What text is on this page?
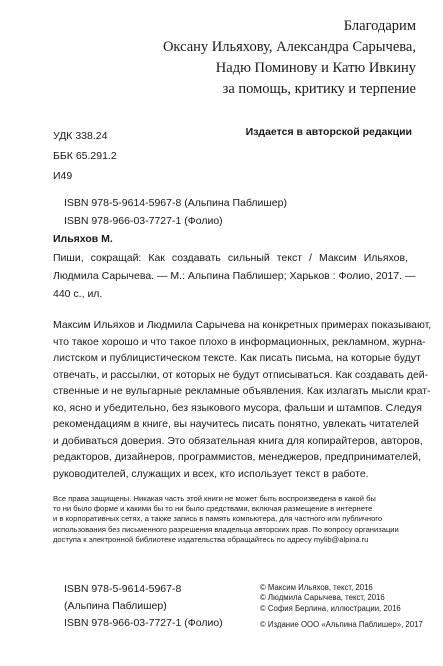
Благодарим
Оксану Ильяхову, Александра Сарычева,
Надю Поминову и Катю Ивкину
за помощь, критику и терпение
УДК 338.24
ББК 65.291.2
И49
Издается в авторской редакции
ISBN 978-5-9614-5967-8 (Альпина Паблишер)
ISBN 978-966-03-7727-1 (Фолио)
Ильяхов М.
Пиши, сокращай: Как создавать сильный текст / Максим Ильяхов,
Людмила Сарычева. — М.: Альпина Паблишер; Харьков : Фолио, 2017. —
440 с., ил.
Максим Ильяхов и Людмила Сарычева на конкретных примерах показывают,
что такое хорошо и что такое плохо в информационных, рекламном, журна-
листском и публицистическом тексте. Как писать письма, на которые будут
отвечать, и рассылки, от которых не будут отписываться. Как создавать дей-
ственные и не вульгарные рекламные объявления. Как излагать мысли крат-
ко, ясно и убедительно, без языкового мусора, фальши и штампов. Следуя
рекомендациям в книге, вы научитесь писать понятно, увлекать читателей
и добиваться доверия. Это обязательная книга для копирайтеров, авторов,
редакторов, дизайнеров, программистов, менеджеров, предпринимателей,
руководителей, служащих и всех, кто использует текст в работе.
Все права защищены. Никакая часть этой книги не может быть воспроизведена в какой бы
то ни было форме и какими бы то ни было средствами, включая размещение в интернете
и в корпоративных сетях, а также запись в память компьютера, для частного или публичного
использования без письменного разрешения владельца авторских прав. По вопросу организации
доступа к электронной библиотеке издательства обращайтесь по адресу mylib@alpina.ru
ISBN 978-5-9614-5967-8
(Альпина Паблишер)
ISBN 978-966-03-7727-1 (Фолио)
© Максим Ильяхов, текст, 2016
© Людмила Сарычева, текст, 2016
© София Берлина, иллюстрации, 2016
© Издание ООО «Альпина Паблишер», 2017
